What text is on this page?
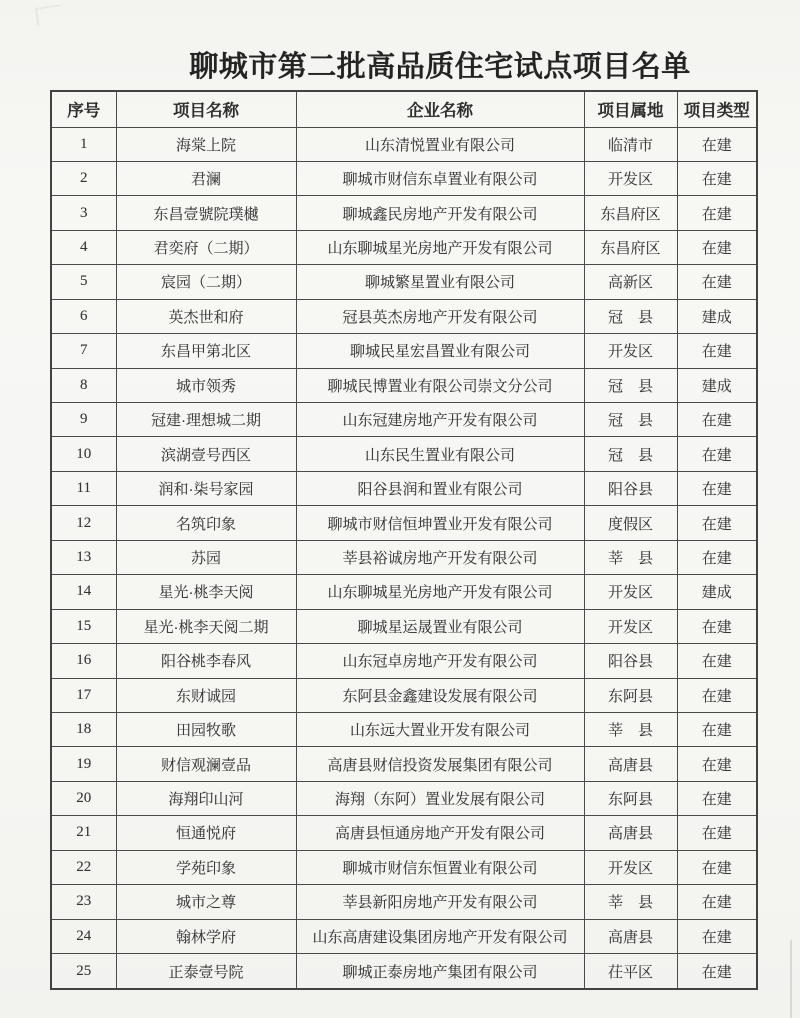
聊城市第二批高品质住宅试点项目名单
序号	项目名称	企业名称	项目属地	项目类型
1	海棠上院	山东清悦置业有限公司	临清市	在建
2	君澜	聊城市财信东卓置业有限公司	开发区	在建
3	东昌壹號院璞樾	聊城鑫民房地产开发有限公司	东昌府区	在建
4	君奕府（二期）	山东聊城星光房地产开发有限公司	东昌府区	在建
5	宸园（二期）	聊城繁星置业有限公司	高新区	在建
6	英杰世和府	冠县英杰房地产开发有限公司	冠　县	建成
7	东昌甲第北区	聊城民星宏昌置业有限公司	开发区	在建
8	城市领秀	聊城民博置业有限公司崇文分公司	冠　县	建成
9	冠建·理想城二期	山东冠建房地产开发有限公司	冠　县	在建
10	滨湖壹号西区	山东民生置业有限公司	冠　县	在建
11	润和·柒号家园	阳谷县润和置业有限公司	阳谷县	在建
12	名筑印象	聊城市财信恒坤置业开发有限公司	度假区	在建
13	苏园	莘县裕诚房地产开发有限公司	莘　县	在建
14	星光·桃李天阅	山东聊城星光房地产开发有限公司	开发区	建成
15	星光·桃李天阅二期	聊城星运晟置业有限公司	开发区	在建
16	阳谷桃李春风	山东冠卓房地产开发有限公司	阳谷县	在建
17	东财诚园	东阿县金鑫建设发展有限公司	东阿县	在建
18	田园牧歌	山东远大置业开发有限公司	莘　县	在建
19	财信观澜壹品	高唐县财信投资发展集团有限公司	高唐县	在建
20	海翔印山河	海翔（东阿）置业发展有限公司	东阿县	在建
21	恒通悦府	高唐县恒通房地产开发有限公司	高唐县	在建
22	学苑印象	聊城市财信东恒置业有限公司	开发区	在建
23	城市之尊	莘县新阳房地产开发有限公司	莘　县	在建
24	翰林学府	山东高唐建设集团房地产开发有限公司	高唐县	在建
25	正泰壹号院	聊城正泰房地产集团有限公司	茌平区	在建
